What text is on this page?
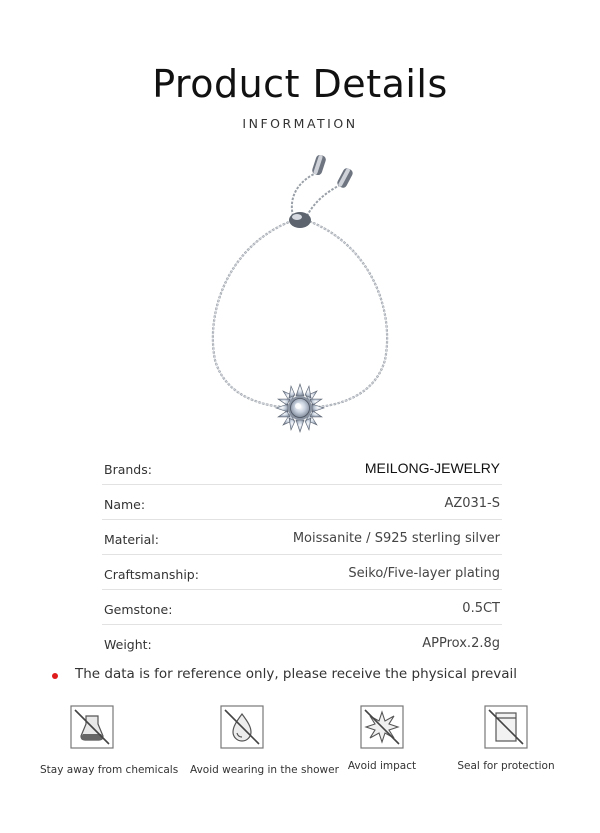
Product Details
INFORMATION
Brands:	MEILONG-JEWELRY
Name:	AZ031-S
Material:	Moissanite / S925 sterling silver
Craftsmanship:	Seiko/Five-layer plating
Gemstone:	0.5CT
Weight:	APProx.2.8g
The data is for reference only, please receive the physical prevail
Stay away from chemicals Avoid wearing in the shower Avoid impact	Seal for protection
